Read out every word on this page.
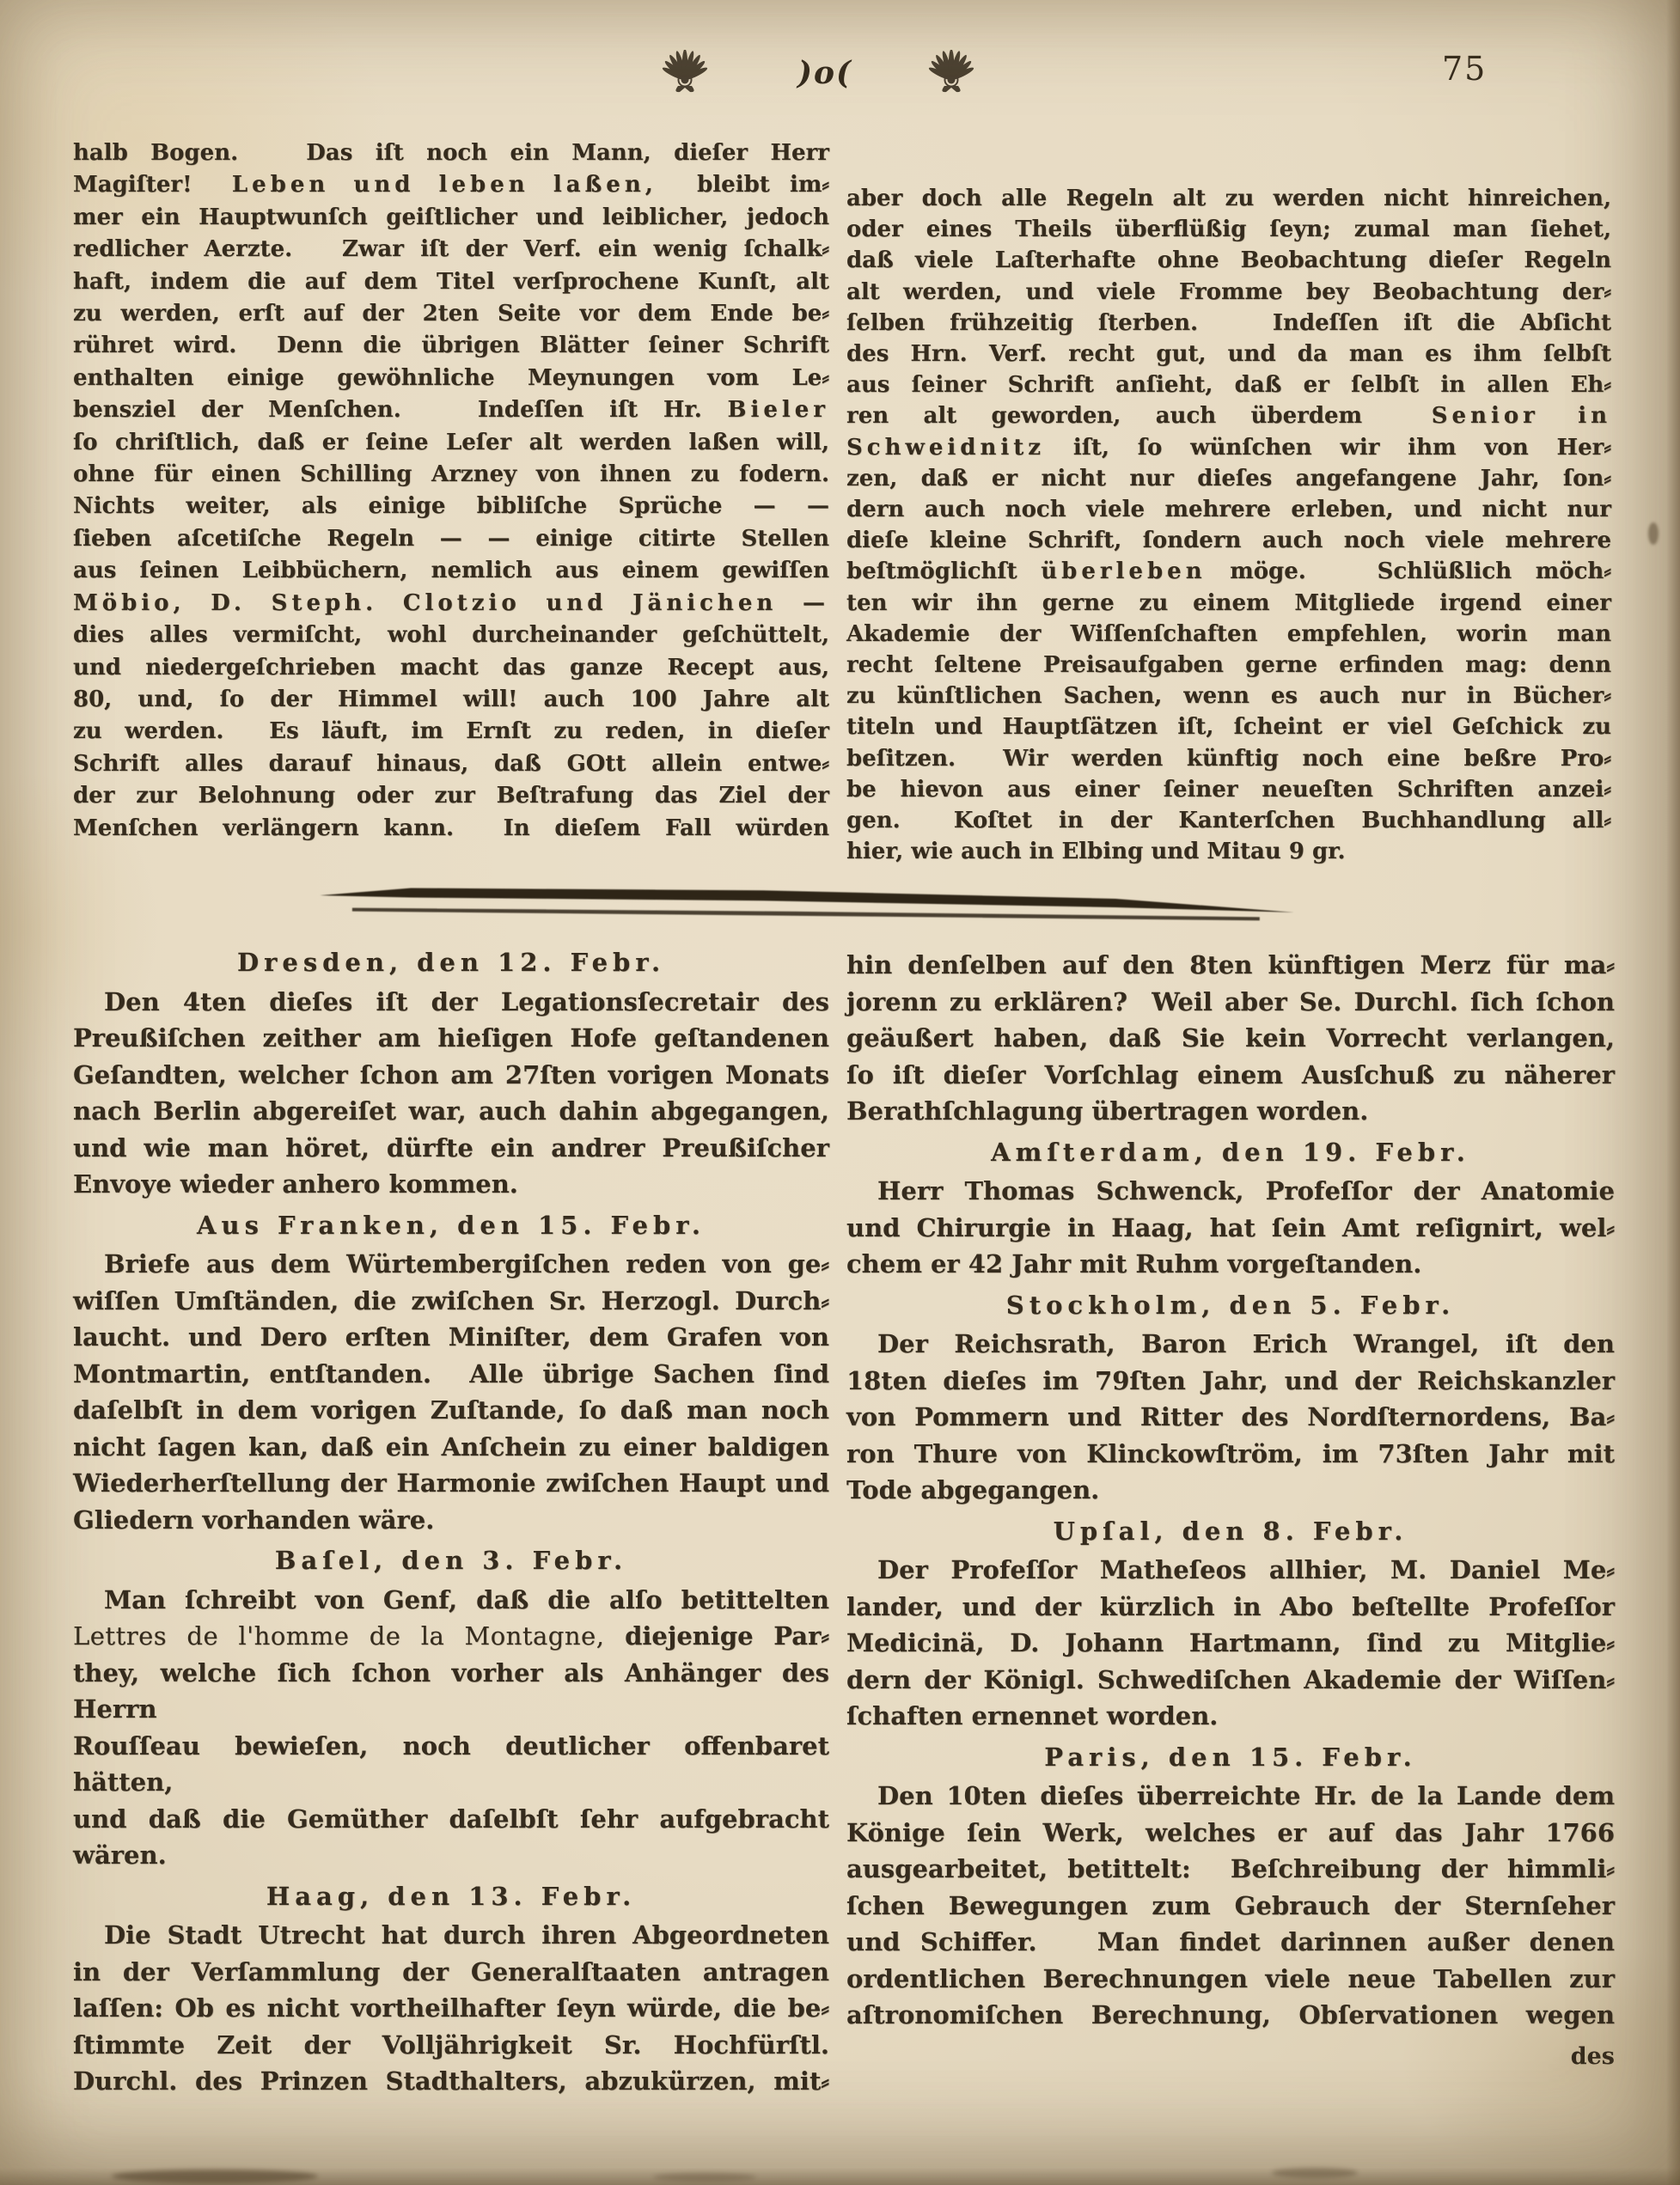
)o(	75
halb Bogen.   Das iſt noch ein Mann, dieſer Herr
Magiſter!  Leben und leben laßen,  bleibt im⸗
mer ein Hauptwunſch geiſtlicher und leiblicher, jedoch
redlicher Aerzte.   Zwar iſt der Verf. ein wenig ſchalk⸗
haft, indem die auf dem Titel verſprochene Kunſt, alt
zu werden, erſt auf der 2ten Seite vor dem Ende be⸗
rühret wird.  Denn die übrigen Blätter ſeiner Schrift
enthalten einige gewöhnliche Meynungen vom Le⸗
bensziel der Menſchen.   Indeſſen iſt Hr. Bieler
ſo chriſtlich, daß er ſeine Leſer alt werden laßen will,
ohne für einen Schilling Arzney von ihnen zu fodern.
Nichts weiter, als einige bibliſche Sprüche — —
ſieben aſcetiſche Regeln — — einige citirte Stellen
aus ſeinen Leibbüchern, nemlich aus einem gewiſſen
Möbio, D. Steph. Clotzio und Jänichen —
dies alles vermiſcht, wohl durcheinander geſchüttelt,
und niedergeſchrieben macht das ganze Recept aus,
80, und, ſo der Himmel will! auch 100 Jahre alt
zu werden.  Es läuft, im Ernſt zu reden, in dieſer
Schrift alles darauf hinaus, daß GOtt allein entwe⸗
der zur Belohnung oder zur Beſtrafung das Ziel der
Menſchen verlängern kann.  In dieſem Fall würden
aber doch alle Regeln alt zu werden nicht hinreichen,
oder eines Theils überflüßig ſeyn; zumal man ſiehet,
daß viele Laſterhafte ohne Beobachtung dieſer Regeln
alt werden, und viele Fromme bey Beobachtung der⸗
ſelben frühzeitig ſterben.   Indeſſen iſt die Abſicht
des Hrn. Verf. recht gut, und da man es ihm ſelbſt
aus ſeiner Schrift anſieht, daß er ſelbſt in allen Eh⸗
ren alt geworden, auch überdem  Senior in
Schweidnitz iſt, ſo wünſchen wir ihm von Her⸗
zen, daß er nicht nur dieſes angefangene Jahr, ſon⸗
dern auch noch viele mehrere erleben, und nicht nur
dieſe kleine Schrift, ſondern auch noch viele mehrere
beſtmöglichſt überleben möge.   Schlüßlich möch⸗
ten wir ihn gerne zu einem Mitgliede irgend einer
Akademie der Wiſſenſchaften empfehlen, worin man
recht ſeltene Preisaufgaben gerne erfinden mag: denn
zu künſtlichen Sachen, wenn es auch nur in Bücher⸗
titeln und Hauptſätzen iſt, ſcheint er viel Geſchick zu
beſitzen.  Wir werden künftig noch eine beßre Pro⸗
be hievon aus einer ſeiner neueſten Schriften anzei⸗
gen.  Koſtet in der Kanterſchen Buchhandlung all⸗
hier, wie auch in Elbing und Mitau 9 gr.
Dresden, den 12. Febr.
Den 4ten dieſes iſt der Legationsſecretair des
Preußiſchen zeither am hieſigen Hofe geſtandenen
Geſandten, welcher ſchon am 27ſten vorigen Monats
nach Berlin abgereiſet war, auch dahin abgegangen,
und wie man höret, dürfte ein andrer Preußiſcher
Envoye wieder anhero kommen.
Aus Franken, den 15. Febr.
Briefe aus dem Würtembergiſchen reden von ge⸗
wiſſen Umſtänden, die zwiſchen Sr. Herzogl. Durch⸗
laucht. und Dero erſten Miniſter, dem Grafen von
Montmartin, entſtanden.  Alle übrige Sachen ſind
daſelbſt in dem vorigen Zuſtande, ſo daß man noch
nicht ſagen kan, daß ein Anſchein zu einer baldigen
Wiederherſtellung der Harmonie zwiſchen Haupt und
Gliedern vorhanden wäre.
Baſel, den 3. Febr.
Man ſchreibt von Genf, daß die alſo betittelten
Lettres de l'homme de la Montagne, diejenige Par⸗
they, welche ſich ſchon vorher als Anhänger des Herrn
Rouſſeau bewieſen, noch deutlicher offenbaret hätten,
und daß die Gemüther daſelbſt ſehr aufgebracht
wären.
Haag, den 13. Febr.
Die Stadt Utrecht hat durch ihren Abgeordneten
in der Verſammlung der Generalſtaaten antragen
laſſen: Ob es nicht vortheilhafter ſeyn würde, die be⸗
ſtimmte Zeit der Volljährigkeit Sr. Hochfürſtl.
Durchl. des Prinzen Stadthalters, abzukürzen, mit⸗
hin denſelben auf den 8ten künftigen Merz für ma⸗
jorenn zu erklären?  Weil aber Se. Durchl. ſich ſchon
geäußert haben, daß Sie kein Vorrecht verlangen,
ſo iſt dieſer Vorſchlag einem Ausſchuß zu näherer
Berathſchlagung übertragen worden.
Amſterdam, den 19. Febr.
Herr Thomas Schwenck, Profeſſor der Anatomie
und Chirurgie in Haag, hat ſein Amt reſignirt, wel⸗
chem er 42 Jahr mit Ruhm vorgeſtanden.
Stockholm, den 5. Febr.
Der Reichsrath, Baron Erich Wrangel, iſt den
18ten dieſes im 79ſten Jahr, und der Reichskanzler
von Pommern und Ritter des Nordſternordens, Ba⸗
ron Thure von Klinckowſtröm, im 73ſten Jahr mit
Tode abgegangen.
Upſal, den 8. Febr.
Der Profeſſor Matheſeos allhier, M. Daniel Me⸗
lander, und der kürzlich in Abo beſtellte Profeſſor
Medicinä, D. Johann Hartmann, ſind zu Mitglie⸗
dern der Königl. Schwediſchen Akademie der Wiſſen⸗
ſchaften ernennet worden.
Paris, den 15. Febr.
Den 10ten dieſes überreichte Hr. de la Lande dem
Könige ſein Werk, welches er auf das Jahr 1766
ausgearbeitet, betittelt:  Beſchreibung der himmli⸗
ſchen Bewegungen zum Gebrauch der Sternſeher
und Schiffer.   Man findet darinnen außer denen
ordentlichen Berechnungen viele neue Tabellen zur
aſtronomiſchen Berechnung, Obſervationen wegen
des
